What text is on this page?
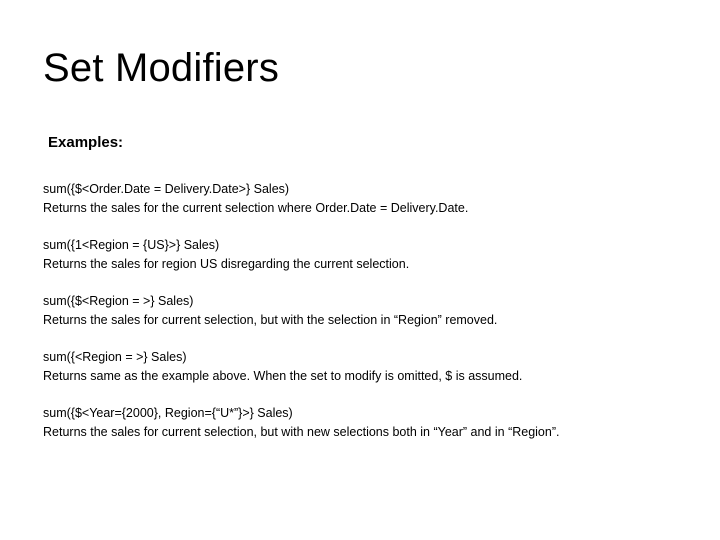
Set Modifiers
Examples:
sum({$<Order.Date = Delivery.Date>} Sales)
Returns the sales for the current selection where Order.Date = Delivery.Date.
sum({1<Region = {US}>} Sales)
Returns the sales for region US disregarding the current selection.
sum({$<Region = >} Sales)
Returns the sales for current selection, but with the selection in “Region” removed.
sum({<Region = >} Sales)
Returns same as the example above. When the set to modify is omitted, $ is assumed.
sum({$<Year={2000}, Region={“U*”}>} Sales)
Returns the sales for current selection, but with new selections both in “Year” and in “Region”.
